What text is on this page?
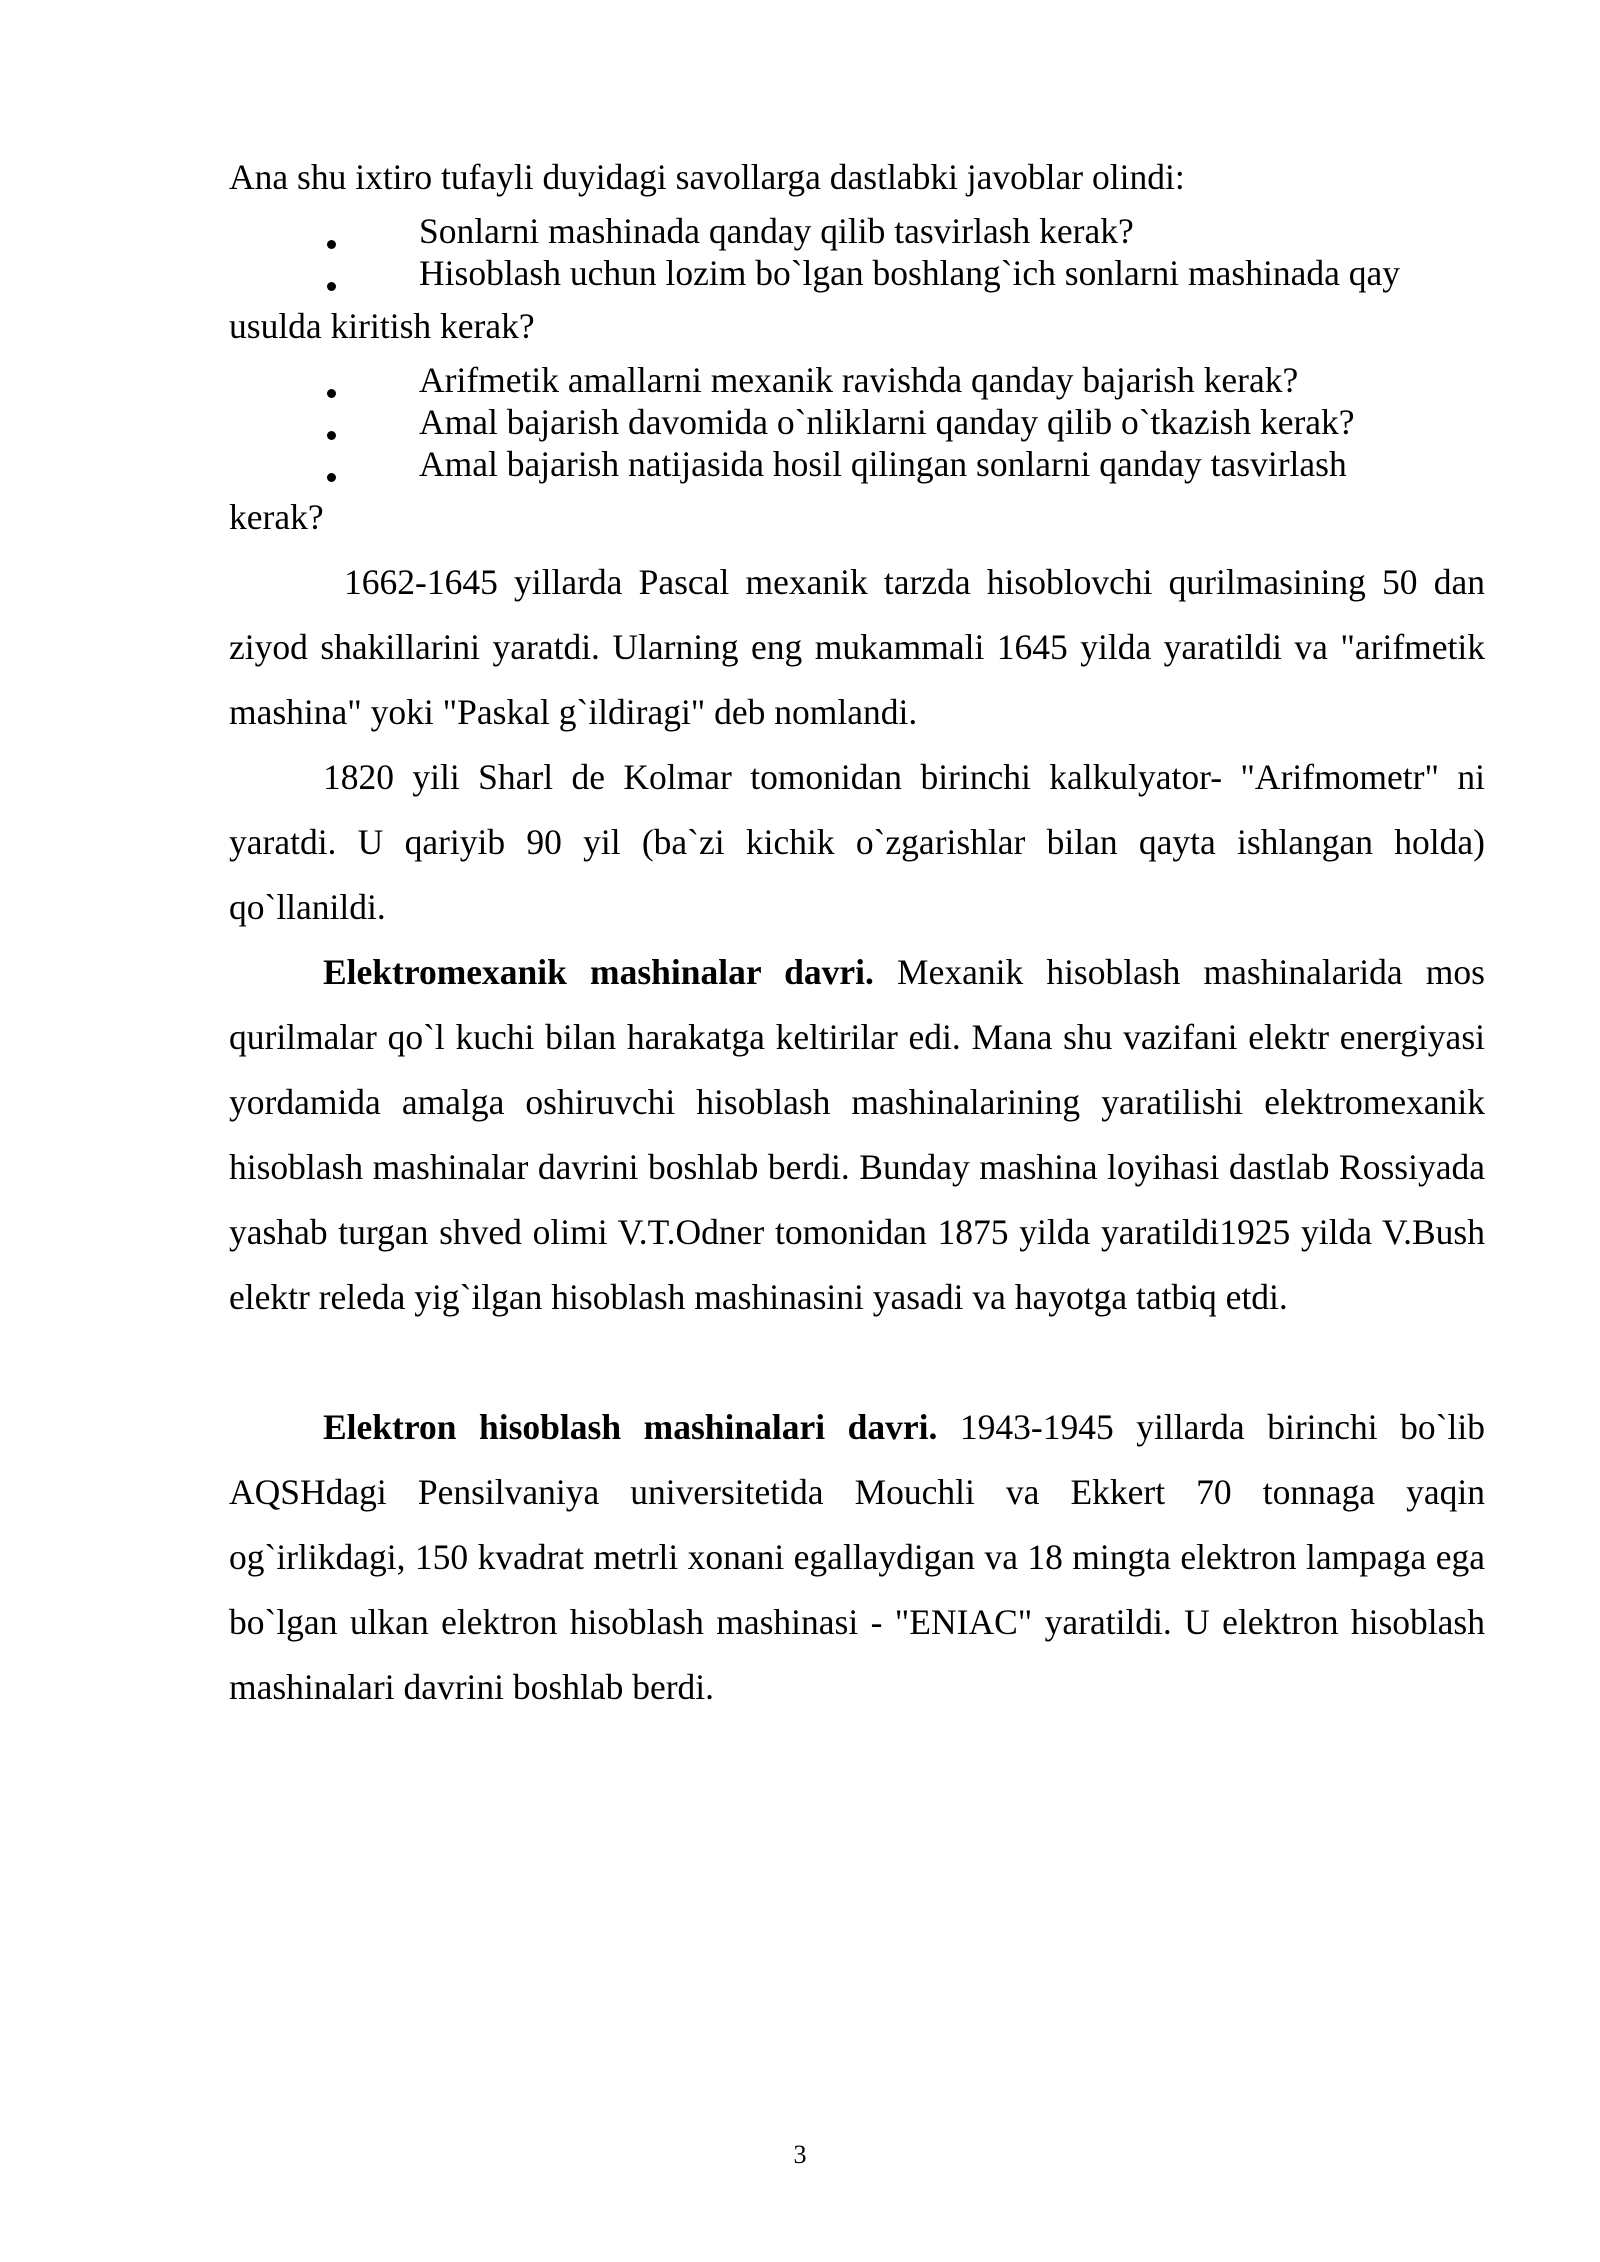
Ana shu ixtiro tufayli duyidagi savollarga dastlabki javoblar olindi:

Sonlarni mashinada qanday qilib tasvirlash kerak?
Hisoblash uchun lozim bo`lgan boshlang`ich sonlarni mashinada qay

usulda kiritish kerak?

Arifmetik amallarni mexanik ravishda qanday bajarish kerak?
Amal bajarish davomida o`nliklarni qanday qilib o`tkazish kerak?
Amal bajarish natijasida hosil qilingan sonlarni qanday tasvirlash

kerak?

1662-1645 yillarda Pascal mexanik tarzda hisoblovchi qurilmasining 50 dan ziyod shakillarini yaratdi. Ularning eng mukammali 1645 yilda yaratildi va "arifmetik mashina" yoki "Paskal g`ildiragi" deb nomlandi.

1820 yili Sharl de Kolmar tomonidan birinchi kalkulyator- "Arifmometr" ni yaratdi. U qariyib 90 yil (ba`zi kichik o`zgarishlar bilan qayta ishlangan holda) qo`llanildi.

Elektromexanik mashinalar davri. Mexanik hisoblash mashinalarida mos qurilmalar qo`l kuchi bilan harakatga keltirilar edi. Mana shu vazifani elektr energiyasi yordamida amalga oshiruvchi hisoblash mashinalarining yaratilishi elektromexanik hisoblash mashinalar davrini boshlab berdi. Bunday mashina loyihasi dastlab Rossiyada yashab turgan shved olimi V.T.Odner tomonidan 1875 yilda yaratildi1925 yilda V.Bush elektr releda yig`ilgan hisoblash mashinasini yasadi va hayotga tatbiq etdi.

Elektron hisoblash mashinalari davri. 1943-1945 yillarda birinchi bo`lib AQSHdagi Pensilvaniya universitetida Mouchli va Ekkert 70 tonnaga yaqin og`irlikdagi, 150 kvadrat metrli xonani egallaydigan va 18 mingta elektron lampaga ega bo`lgan ulkan elektron hisoblash mashinasi - "ENIAC" yaratildi. U elektron hisoblash mashinalari davrini boshlab berdi.

3
